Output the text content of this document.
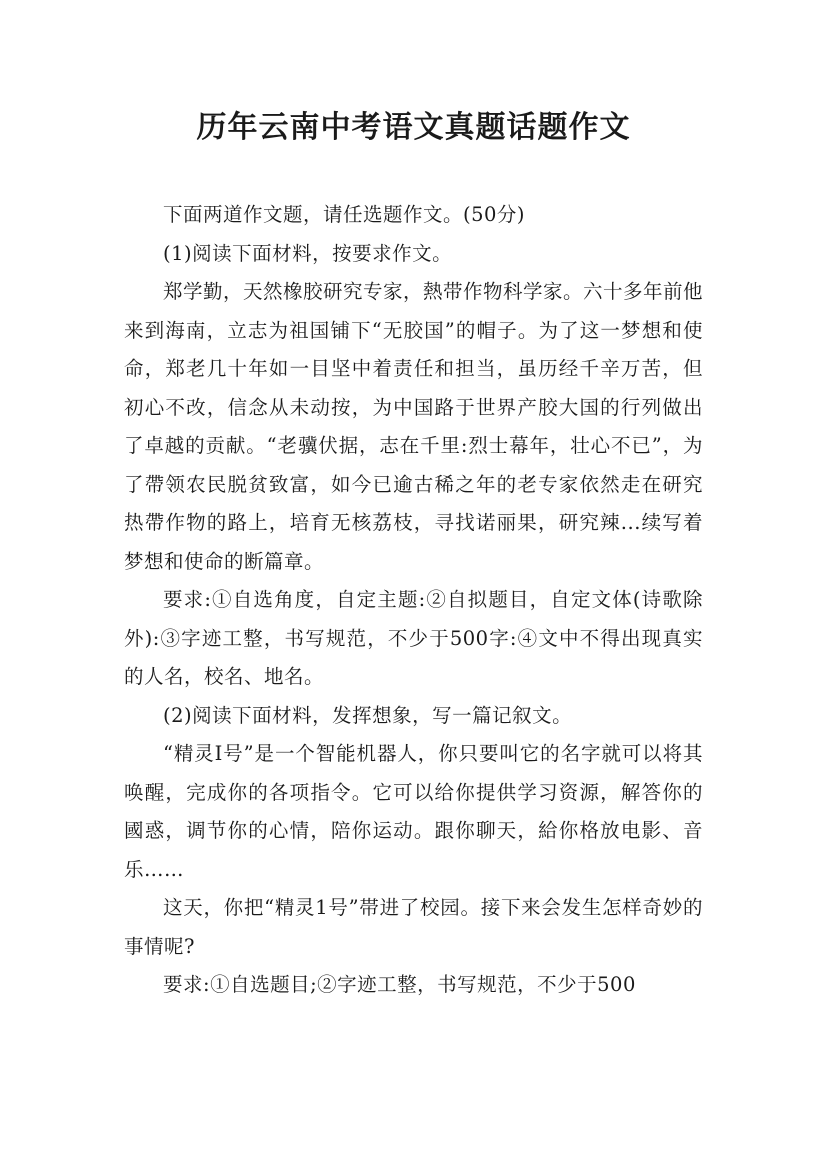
历年云南中考语文真题话题作文

下面两道作文题，请任选题作文。(50分)

(1)阅读下面材料，按要求作文。

郑学勤，天然橡胶研究专家，熱带作物科学家。六十多年前他来到海南，立志为祖国铺下“无胶国”的帽子。为了这一梦想和使命，郑老几十年如一目坚中着责任和担当，虽历经千辛万苦，但初心不改，信念从未动按，为中国路于世界产胶大国的行列做出了卓越的贡献。“老骥伏据，志在千里:烈士幕年，壮心不已”，为了帶领农民脱贫致富，如今已逾古稀之年的老专家依然走在研究热帶作物的路上，培育无核荔枝，寻找诺丽果，研究辣...续写着梦想和使命的断篇章。

要求:①自选角度，自定主题:②自拟题目，自定文体(诗歌除外):③字迹工整，书写规范，不少于500字:④文中不得出现真实的人名，校名、地名。

(2)阅读下面材料，发挥想象，写一篇记叙文。

“精灵Ⅰ号”是一个智能机器人，你只要叫它的名字就可以将其唤醒，完成你的各项指令。它可以给你提供学习资源，解答你的國惑，调节你的心情，陪你运动。跟你聊天，給你格放电影、音乐……

这天，你把“精灵1号”帯进了校园。接下来会发生怎样奇妙的事情呢?

要求:①自选题目;②字迹工整，书写规范，不少于500
